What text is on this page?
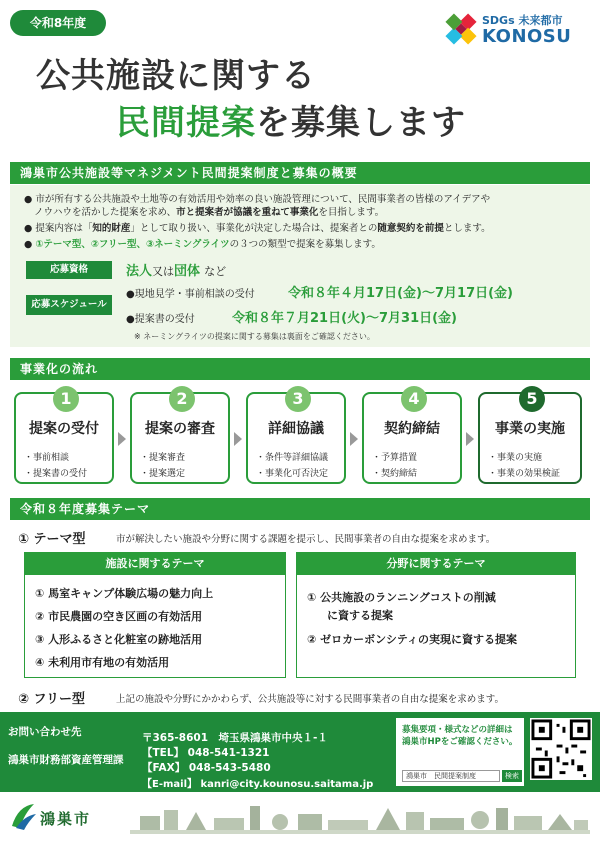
令和8年度	SDGs 未来都市
KONOSU
公共施設に関する
民間提案を募集します
鴻巣市公共施設等マネジメント民間提案制度と募集の概要
● 市が所有する公共施設や土地等の有効活用や効率の良い施設管理について、民間事業者の皆様のアイデアや
ノウハウを活かした提案を求め、市と提案者が協議を重ねて事業化を目指します。
● 提案内容は「知的財産」として取り扱い、事業化が決定した場合は、提案者との随意契約を前提とします。
● ①テーマ型、②フリー型、③ネーミングライツの３つの類型で提案を募集します。
応募資格	法人又は団体 など
応募スケジュール
●現地見学・事前相談の受付	令和８年４月17日(金)～7月17日(金)
●提案書の受付	令和８年７月21日(火)～7月31日(金)
※ ネーミングライツの提案に関する募集は裏面をご確認ください。
事業化の流れ
1
提案の受付
・事前相談
・提案書の受付
2
提案の審査
・提案審査
・提案選定
3
詳細協議
・条件等詳細協議
・事業化可否決定
4
契約締結
・予算措置
・契約締結
5
事業の実施
・事業の実施
・事業の効果検証
令和８年度募集テーマ
① テーマ型	市が解決したい施設や分野に関する課題を提示し、民間事業者の自由な提案を求めます。
施設に関するテーマ
① 馬室キャンプ体験広場の魅力向上
② 市民農園の空き区画の有効活用
③ 人形ふるさと化粧室の跡地活用
④ 未利用市有地の有効活用
分野に関するテーマ
① 公共施設のランニングコストの削減
に資する提案
② ゼロカーボンシティの実現に資する提案
② フリー型	上記の施設や分野にかかわらず、公共施設等に対する民間事業者の自由な提案を求めます。
お問い合わせ先
鴻巣市財務部資産管理課
〒365-8601　埼玉県鴻巣市中央１-１
【TEL】 048-541-1321
【FAX】 048-543-5480
【E-mail】 kanri@city.kounosu.saitama.jp
募集要項・様式などの詳細は鴻巣市HPをご確認ください。
鴻巣市　民間提案制度	検索
鴻巣市
